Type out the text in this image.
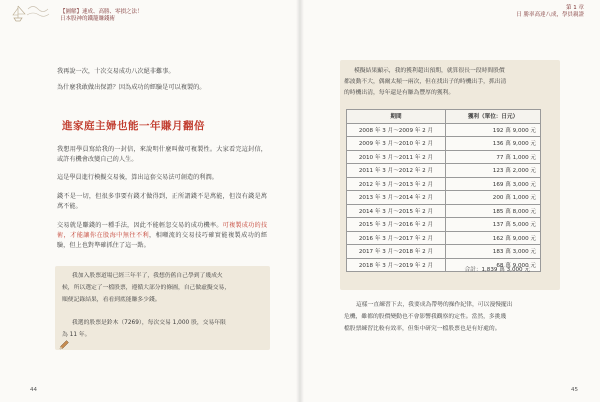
【圖解】速成、高勝、零損之法！
日本股神的鐵籠賺錢術
我再說一次，十次交易成功八次絕非難事。
為什麼我敢做出保證？因為成功的經驗是可以複製的。
進家庭主婦也能一年賺月翻倍
我想用學員寫給我的一封信，來說明什麼叫做可複製性。大家看完這封信，或許有機會改變自己的人生。
這是學員進行模擬交易後，算出這套交易法可創造的利潤。
錢不是一切，但很多事要有錢才做得到，正所謂錢不是萬能，但沒有錢是萬萬不能。
交易就是賺錢的一種手法，因此不能輕忽交易的成功機率。可複製成功的技術，才能讓你在股海中無往不利，相噸流的交易技巧確實能複製成功的經驗，但上也對準確抓住了這一點。
我加入股票道場已經三年半了，我想仍舊自己學到了幾成火
候，所以選定了一檔股票，遵循大部分的條圖，自己做虛擬交易，
順便記錄結果，看看到底能賺多少錢。
我選的股票是鈴木（7269），每次交易 1,000 股，交易年限
為 11 年。
44
第 1 章
日 勝率高達八成，學員親證
45
模擬結果顯示，我的獲利超出預期，就算很長一段時間股價
都波動不大，偶爾太頻一兩次，但在找出子的時機出手，抓出清
的時機出清，每年還是有賺為豐厚的獲利。
期間	獲利（單位：日元）
2008 年 3 月～2009 年 2 月	192 萬 9,000 元
2009 年 3 月～2010 年 2 月	136 萬 9,000 元
2010 年 3 月～2011 年 2 月	77 萬 1,000 元
2011 年 3 月～2012 年 2 月	123 萬 2,000 元
2012 年 3 月～2013 年 2 月	169 萬 3,000 元
2013 年 3 月～2014 年 2 月	200 萬 1,000 元
2014 年 3 月～2015 年 2 月	185 萬 8,000 元
2015 年 3 月～2016 年 2 月	137 萬 5,000 元
2016 年 3 月～2017 年 2 月	162 萬 9,000 元
2017 年 3 月～2018 年 2 月	183 萬 3,000 元
2018 年 3 月～2019 年 2 月	68 萬 9,000 元
合計：1,839 萬 3,000 元
這樣一直練習下去，我要成為帶勢的操作紀律，可以漫慢擺出
危機，雖都的股價變動也不會影響我觀察的定性。當然，多挑幾
檔股票練習比較有效率，但集中研究一檔股票也是有好處的。
